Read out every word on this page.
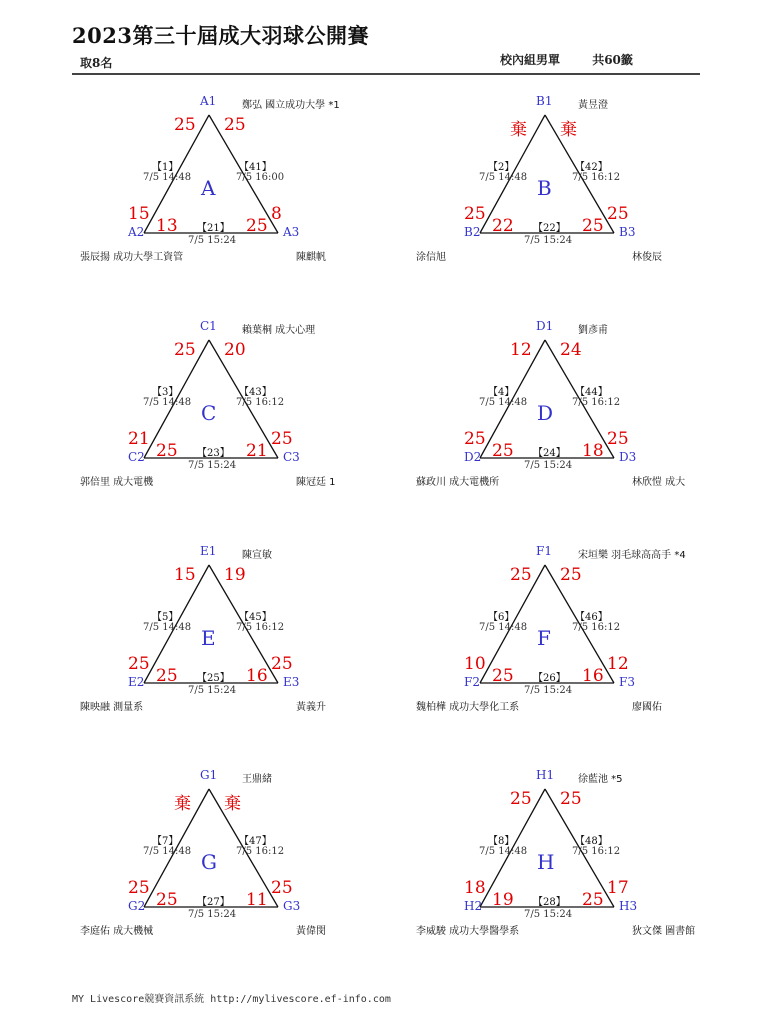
2023第三十屆成大羽球公開賽
取8名	校內組男單	共60籤
A1	鄭弘 國立成功大學 *1
A2	A3
張辰揚 成功大學工資管	陳麒帆
A
【1】
7/5 14:48
25
15
【41】
7/5 16:00
25
8
【21】
7/5 15:24
13	25
B1	黃昱澄
B2	B3
涂信旭	林俊辰
B
【2】
7/5 14:48
棄
25
【42】
7/5 16:12
棄
25
【22】
7/5 15:24
22	25
C1	賴葉桐 成大心理
C2	C3
郭倍里 成大電機	陳冠廷 1
C
【3】
7/5 14:48
25
21
【43】
7/5 16:12
20
25
【23】
7/5 15:24
25	21
D1 劉彥甫
D2	D3
蘇政川 成大電機所	林欣愷 成大
D
【4】
7/5 14:48
12
25
【44】
7/5 16:12
24
25
【24】
7/5 15:24
25	18
E1	陳宣敏
E2	E3
陳映融 測量系	黃義升
E
【5】
7/5 14:48
15
25
【45】
7/5 16:12
19
25
【25】
7/5 15:24
25	16
F1	宋垣樂 羽毛球高高手 *4
F2	F3
魏柏樺 成功大學化工系	廖國佑
F
【6】
7/5 14:48
25
10
【46】
7/5 16:12
25
12
【26】
7/5 15:24
25	16
G1 王鼎緒
G2	G3
李庭佑 成大機械	黃偉閔
G
【7】
7/5 14:48
棄
25
【47】
7/5 16:12
棄
25
【27】
7/5 15:24
25	11
H1 徐藍池 *5
H2	H3
李威駿 成功大學醫學系	狄文傑 圖書館
H
【8】
7/5 14:48
25
18
【48】
7/5 16:12
25
17
【28】
7/5 15:24
19	25
MY Livescore競賽資訊系統 http://mylivescore.ef-info.com
